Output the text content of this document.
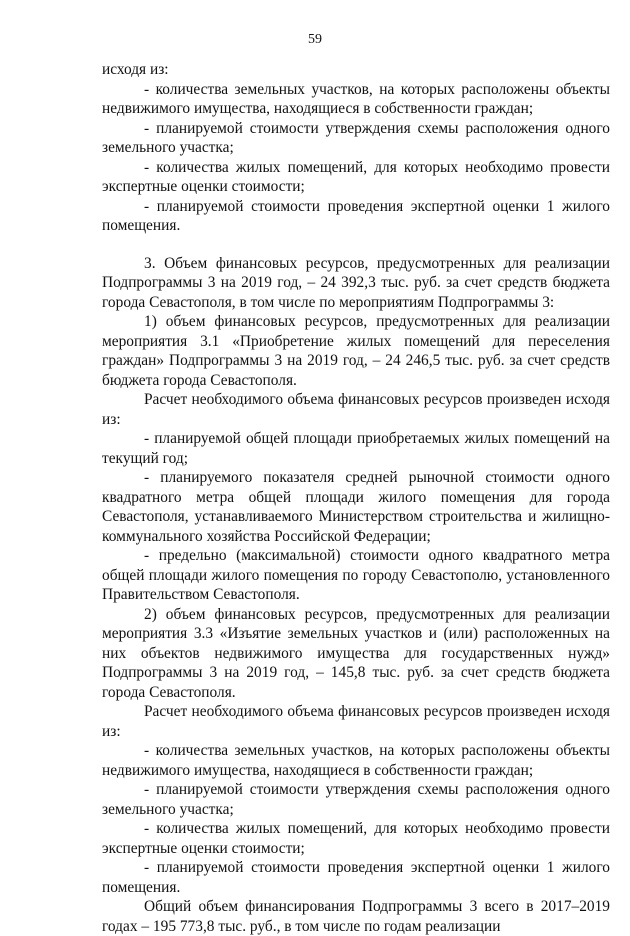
59

исходя из:

- количества земельных участков, на которых расположены объекты недвижимого имущества, находящиеся в собственности граждан;

- планируемой стоимости утверждения схемы расположения одного земельного участка;

- количества жилых помещений, для которых необходимо провести экспертные оценки стоимости;

- планируемой стоимости проведения экспертной оценки 1 жилого помещения.

3. Объем финансовых ресурсов, предусмотренных для реализации Подпрограммы 3 на 2019 год, – 24 392,3 тыс. руб. за счет средств бюджета города Севастополя, в том числе по мероприятиям Подпрограммы 3:

1) объем финансовых ресурсов, предусмотренных для реализации мероприятия 3.1 «Приобретение жилых помещений для переселения граждан» Подпрограммы 3 на 2019 год, – 24 246,5 тыс. руб. за счет средств бюджета города Севастополя.

Расчет необходимого объема финансовых ресурсов произведен исходя из:

- планируемой общей площади приобретаемых жилых помещений на текущий год;

- планируемого показателя средней рыночной стоимости одного квадратного метра общей площади жилого помещения для города Севастополя, устанавливаемого Министерством строительства и жилищно-коммунального хозяйства Российской Федерации;

- предельно (максимальной) стоимости одного квадратного метра общей площади жилого помещения по городу Севастополю, установленного Правительством Севастополя.

2) объем финансовых ресурсов, предусмотренных для реализации мероприятия 3.3 «Изъятие земельных участков и (или) расположенных на них объектов недвижимого имущества для государственных нужд» Подпрограммы 3 на 2019 год, – 145,8 тыс. руб. за счет средств бюджета города Севастополя.

Расчет необходимого объема финансовых ресурсов произведен исходя из:

- количества земельных участков, на которых расположены объекты недвижимого имущества, находящиеся в собственности граждан;

- планируемой стоимости утверждения схемы расположения одного земельного участка;

- количества жилых помещений, для которых необходимо провести экспертные оценки стоимости;

- планируемой стоимости проведения экспертной оценки 1 жилого помещения.

Общий объем финансирования Подпрограммы 3 всего в 2017–2019 годах – 195 773,8 тыс. руб., в том числе по годам реализации
